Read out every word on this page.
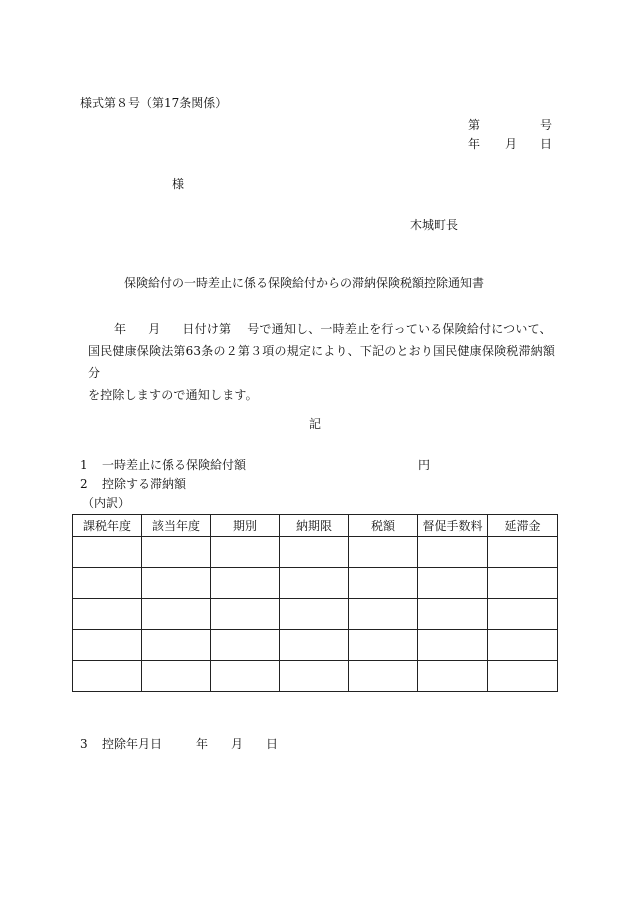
様式第８号（第17条関係）
第	号
年 月 日
様
木城町長
保険給付の一時差止に係る保険給付からの滞納保険税額控除通知書

年 月 日付け第 号で通知し、一時差止を行っている保険給付について、

国民健康保険法第63条の２第３項の規定により、下記のとおり国民健康保険税滞納額分

を控除しますので通知します。

記
1 一時差止に係る保険給付額	円
2 控除する滞納額
（内訳）
課税年度	該当年度	期別	納期限	税額	督促手数料	延滞金

3 控除年月日	年 月 日
